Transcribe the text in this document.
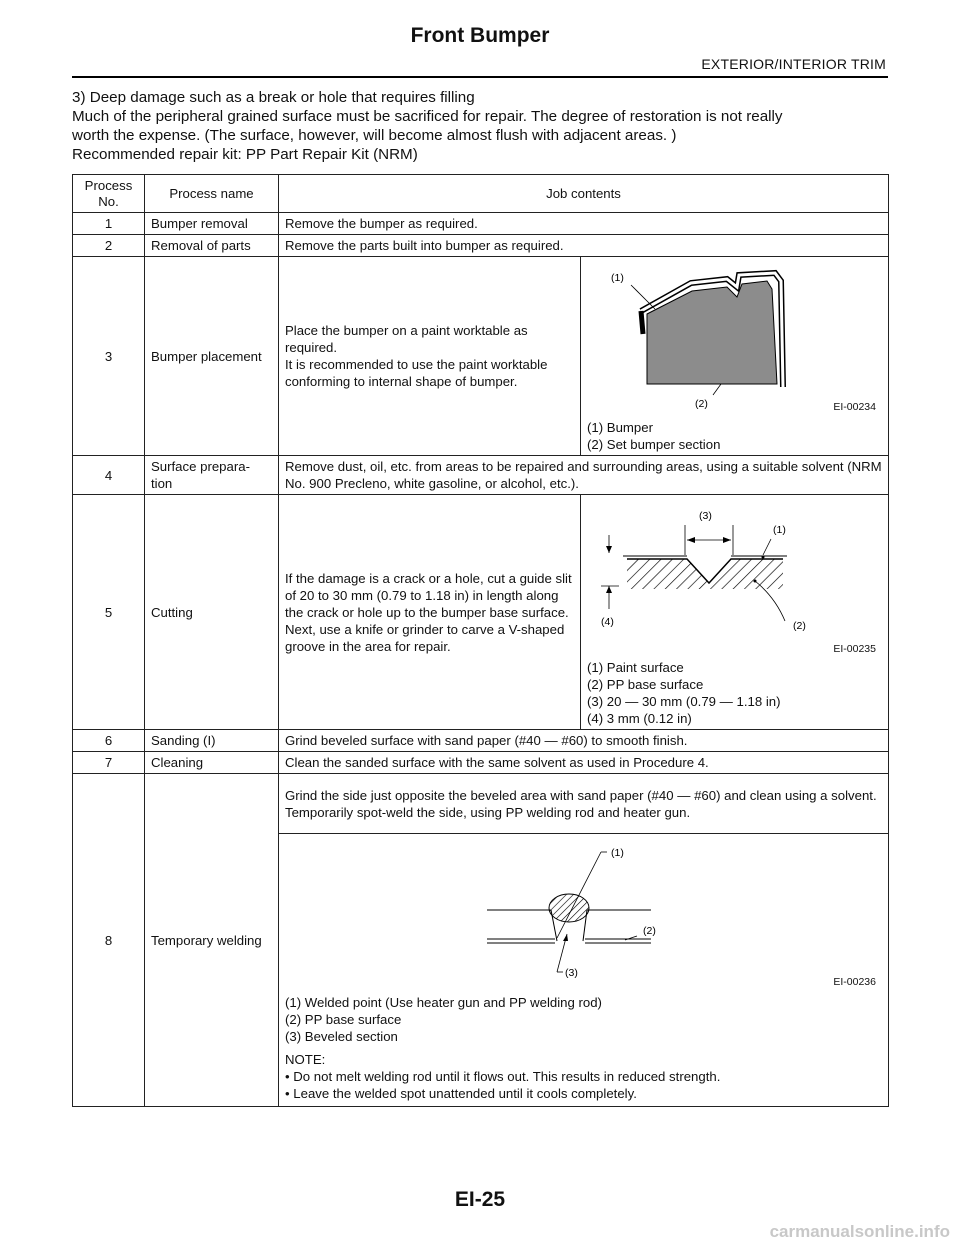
Front Bumper
EXTERIOR/INTERIOR TRIM
3) Deep damage such as a break or hole that requires filling
Much of the peripheral grained surface must be sacrificed for repair. The degree of restoration is not really
worth the expense. (The surface, however, will become almost flush with adjacent areas. )
Recommended repair kit: PP Part Repair Kit (NRM)
Process No.	Process name	Job contents
1	Bumper removal	Remove the bumper as required.
2	Removal of parts	Remove the parts built into bumper as required.
3	Bumper placement	Place the bumper on a paint worktable as required.
It is recommended to use the paint worktable conforming to internal shape of bumper.	
(1)
(2)	EI-00234
(1) Bumper
(2) Set bumper section

4	Surface prepara-
tion	Remove dust, oil, etc. from areas to be repaired and surrounding areas, using a suitable solvent (NRM No. 900 Precleno, white gasoline, or alcohol, etc.).
5	Cutting	If the damage is a crack or a hole, cut a guide slit of 20 to 30 mm (0.79 to 1.18 in) in length along the crack or hole up to the bumper base surface. Next, use a knife or grinder to carve a V-shaped groove in the area for repair.	
(3)
(1)
(4)	(2)
EI-00235
(1) Paint surface
(2) PP base surface
(3) 20 — 30 mm (0.79 — 1.18 in)
(4) 3 mm (0.12 in)

6	Sanding (I)	Grind beveled surface with sand paper (#40 — #60) to smooth finish.
7	Cleaning	Clean the sanded surface with the same solvent as used in Procedure 4.
8	Temporary welding	
Grind the side just opposite the beveled area with sand paper (#40 — #60) and clean using a solvent.
Temporarily spot-weld the side, using PP welding rod and heater gun.

(1)
(2)
(3)
EI-00236
(1) Welded point (Use heater gun and PP welding rod)
(2) PP base surface
(3) Beveled section
NOTE:
• Do not melt welding rod until it flows out. This results in reduced strength.
• Leave the welded spot unattended until it cools completely.
EI-25
carmanualsonline.info
